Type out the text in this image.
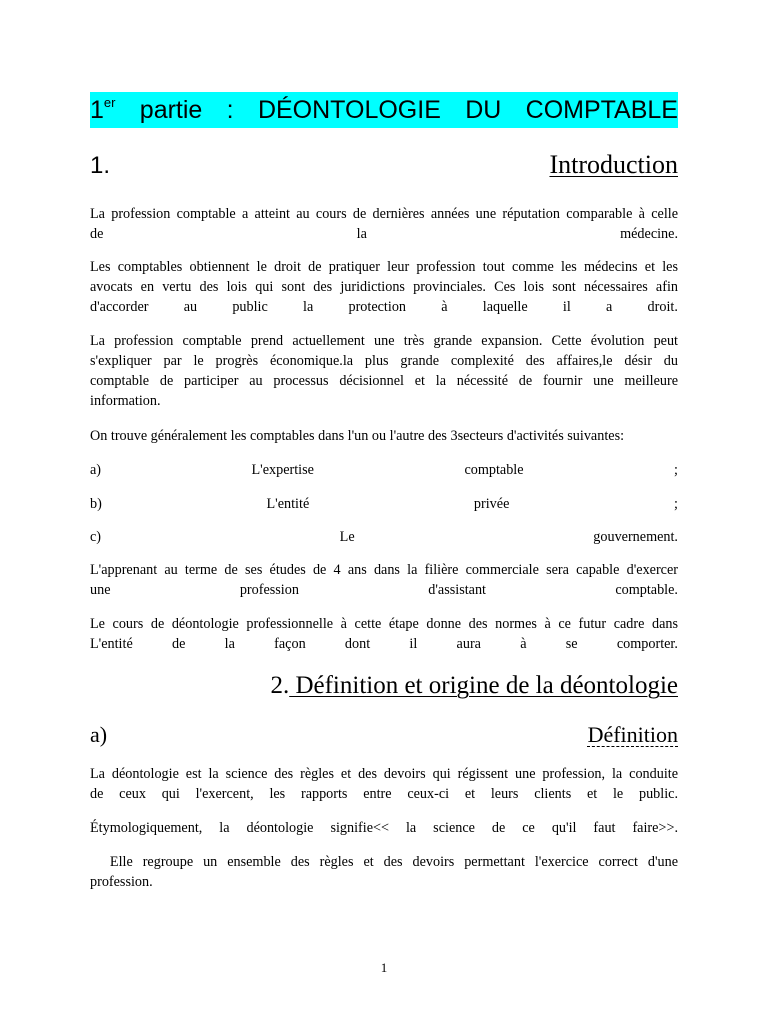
1er partie : DÉONTOLOGIE DU COMPTABLE
1.	Introduction
La profession comptable a atteint au cours de dernières années une réputation comparable à celle
de	la	médecine.
Les comptables obtiennent le droit de pratiquer leur profession tout comme les médecins et les
avocats en vertu des lois qui sont des juridictions provinciales. Ces lois sont nécessaires afin
d'accorder au public la protection à laquelle il a droit.
La profession comptable prend actuellement une très grande expansion. Cette évolution peut
s'expliquer par le progrès économique.la plus grande complexité des affaires,le désir du
comptable de participer au processus décisionnel et la nécessité de fournir une meilleure
information.
On trouve généralement les comptables dans l'un ou l'autre des 3secteurs d'activités suivantes:
a)	L'expertise	comptable	;
b)	L'entité	privée	;
c)	Le	gouvernement.
L'apprenant au terme de ses études de 4 ans dans la filière commerciale sera capable d'exercer
une	profession	d'assistant	comptable.
Le cours de déontologie professionnelle à cette étape donne des normes à ce futur cadre dans
L'entité	de	la	façon	dont	il	aura	à	se	comporter.
2. Définition et origine de la déontologie
a)	Définition
La déontologie est la science des règles et des devoirs qui régissent une profession, la conduite
de ceux qui l'exercent, les rapports entre ceux-ci et leurs clients et le public.
Étymologiquement, la déontologie signifie<< la science de ce qu'il faut faire>>.
Elle regroupe un ensemble des règles et des devoirs permettant l'exercice correct d'une
profession.
1
